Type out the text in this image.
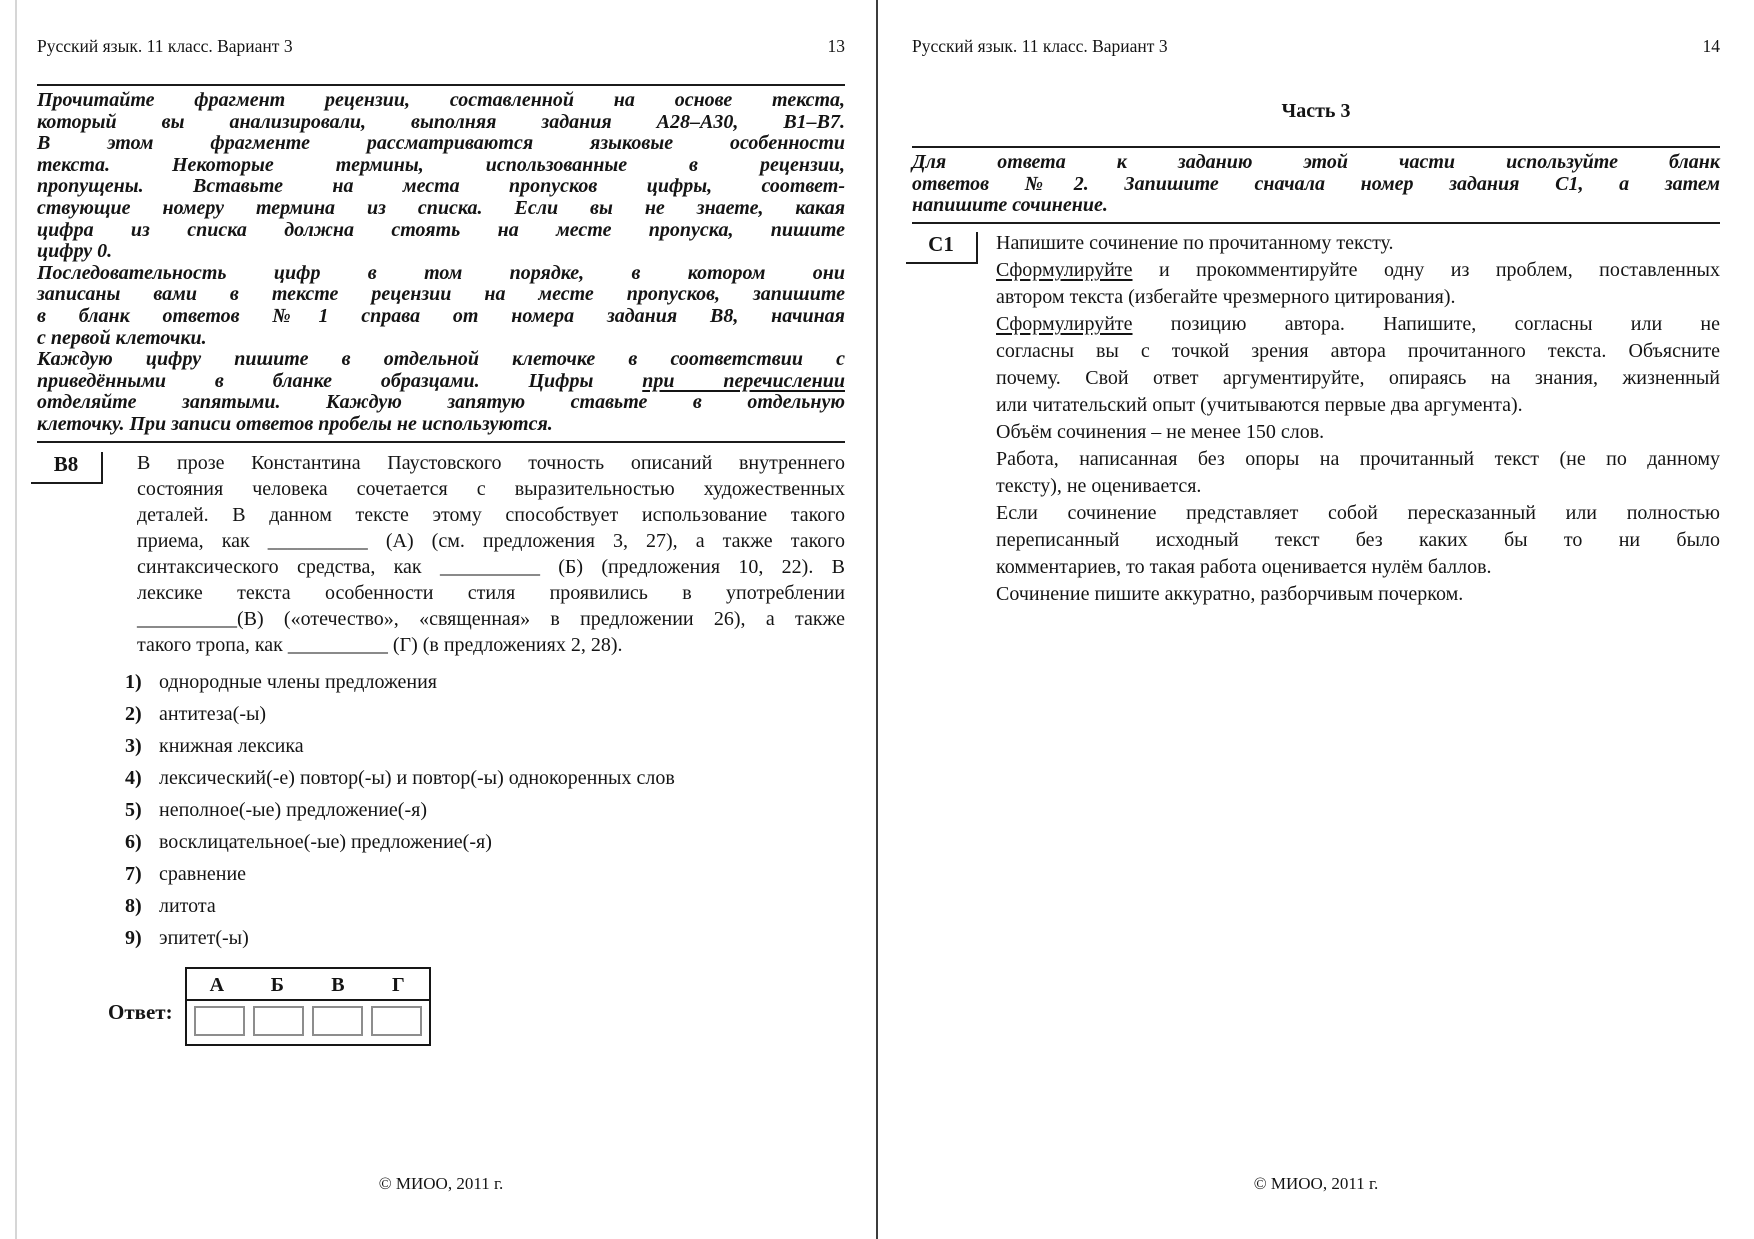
Русский язык. 11 класс. Вариант 3	13
Прочитайте фрагмент рецензии, составленной на основе текста,
который вы анализировали, выполняя задания А28–А30, В1–В7.
В этом фрагменте рассматриваются языковые особенности
текста. Некоторые термины, использованные в рецензии,
пропущены. Вставьте на места пропусков цифры, соответ-
ствующие номеру термина из списка. Если вы не знаете, какая
цифра из списка должна стоять на месте пропуска, пишите
цифру 0.
Последовательность цифр в том порядке, в котором они
записаны вами в тексте рецензии на месте пропусков, запишите
в бланк ответов №1 справа от номера задания В8, начиная
с первой клеточки.
Каждую цифру пишите в отдельной клеточке в соответствии с
приведёнными в бланке образцами. Цифры при перечислении
отделяйте запятыми. Каждую запятую ставьте в отдельную
клеточку. При записи ответов пробелы не используются.
В8	В прозе Константина Паустовского точность описаний внутреннего
состояния человека сочетается с выразительностью художественных
деталей. В данном тексте этому способствует использование такого
приема, как __________ (А) (см. предложения 3, 27), а также такого
синтаксического средства, как __________ (Б) (предложения 10, 22). В
лексике текста особенности стиля проявились в употреблении
__________(В) («отечество», «священная» в предложении 26), а также
такого тропа, как __________ (Г) (в предложениях 2, 28).
1) однородные члены предложения
2) антитеза(-ы)
3) книжная лексика
4) лексический(-е) повтор(-ы) и повтор(-ы) однокоренных слов
5) неполное(-ые) предложение(-я)
6) восклицательное(-ые) предложение(-я)
7) сравнение
8) литота
9) эпитет(-ы)
Ответ:
А	Б	В	Г
© МИОО, 2011 г.
Русский язык. 11 класс. Вариант 3	14
Часть 3
Для ответа к заданию этой части используйте бланк
ответов №2. Запишите сначала номер задания С1, а затем
напишите сочинение.
С1	Напишите сочинение по прочитанному тексту.
Сформулируйте и прокомментируйте одну из проблем, поставленных
автором текста (избегайте чрезмерного цитирования).
Сформулируйте позицию автора. Напишите, согласны или не
согласны вы с точкой зрения автора прочитанного текста. Объясните
почему. Свой ответ аргументируйте, опираясь на знания, жизненный
или читательский опыт (учитываются первые два аргумента).
Объём сочинения – не менее 150 слов.
Работа, написанная без опоры на прочитанный текст (не по данному
тексту), не оценивается.
Если сочинение представляет собой пересказанный или полностью
переписанный исходный текст без каких бы то ни было
комментариев, то такая работа оценивается нулём баллов.
Сочинение пишите аккуратно, разборчивым почерком.
© МИОО, 2011 г.
